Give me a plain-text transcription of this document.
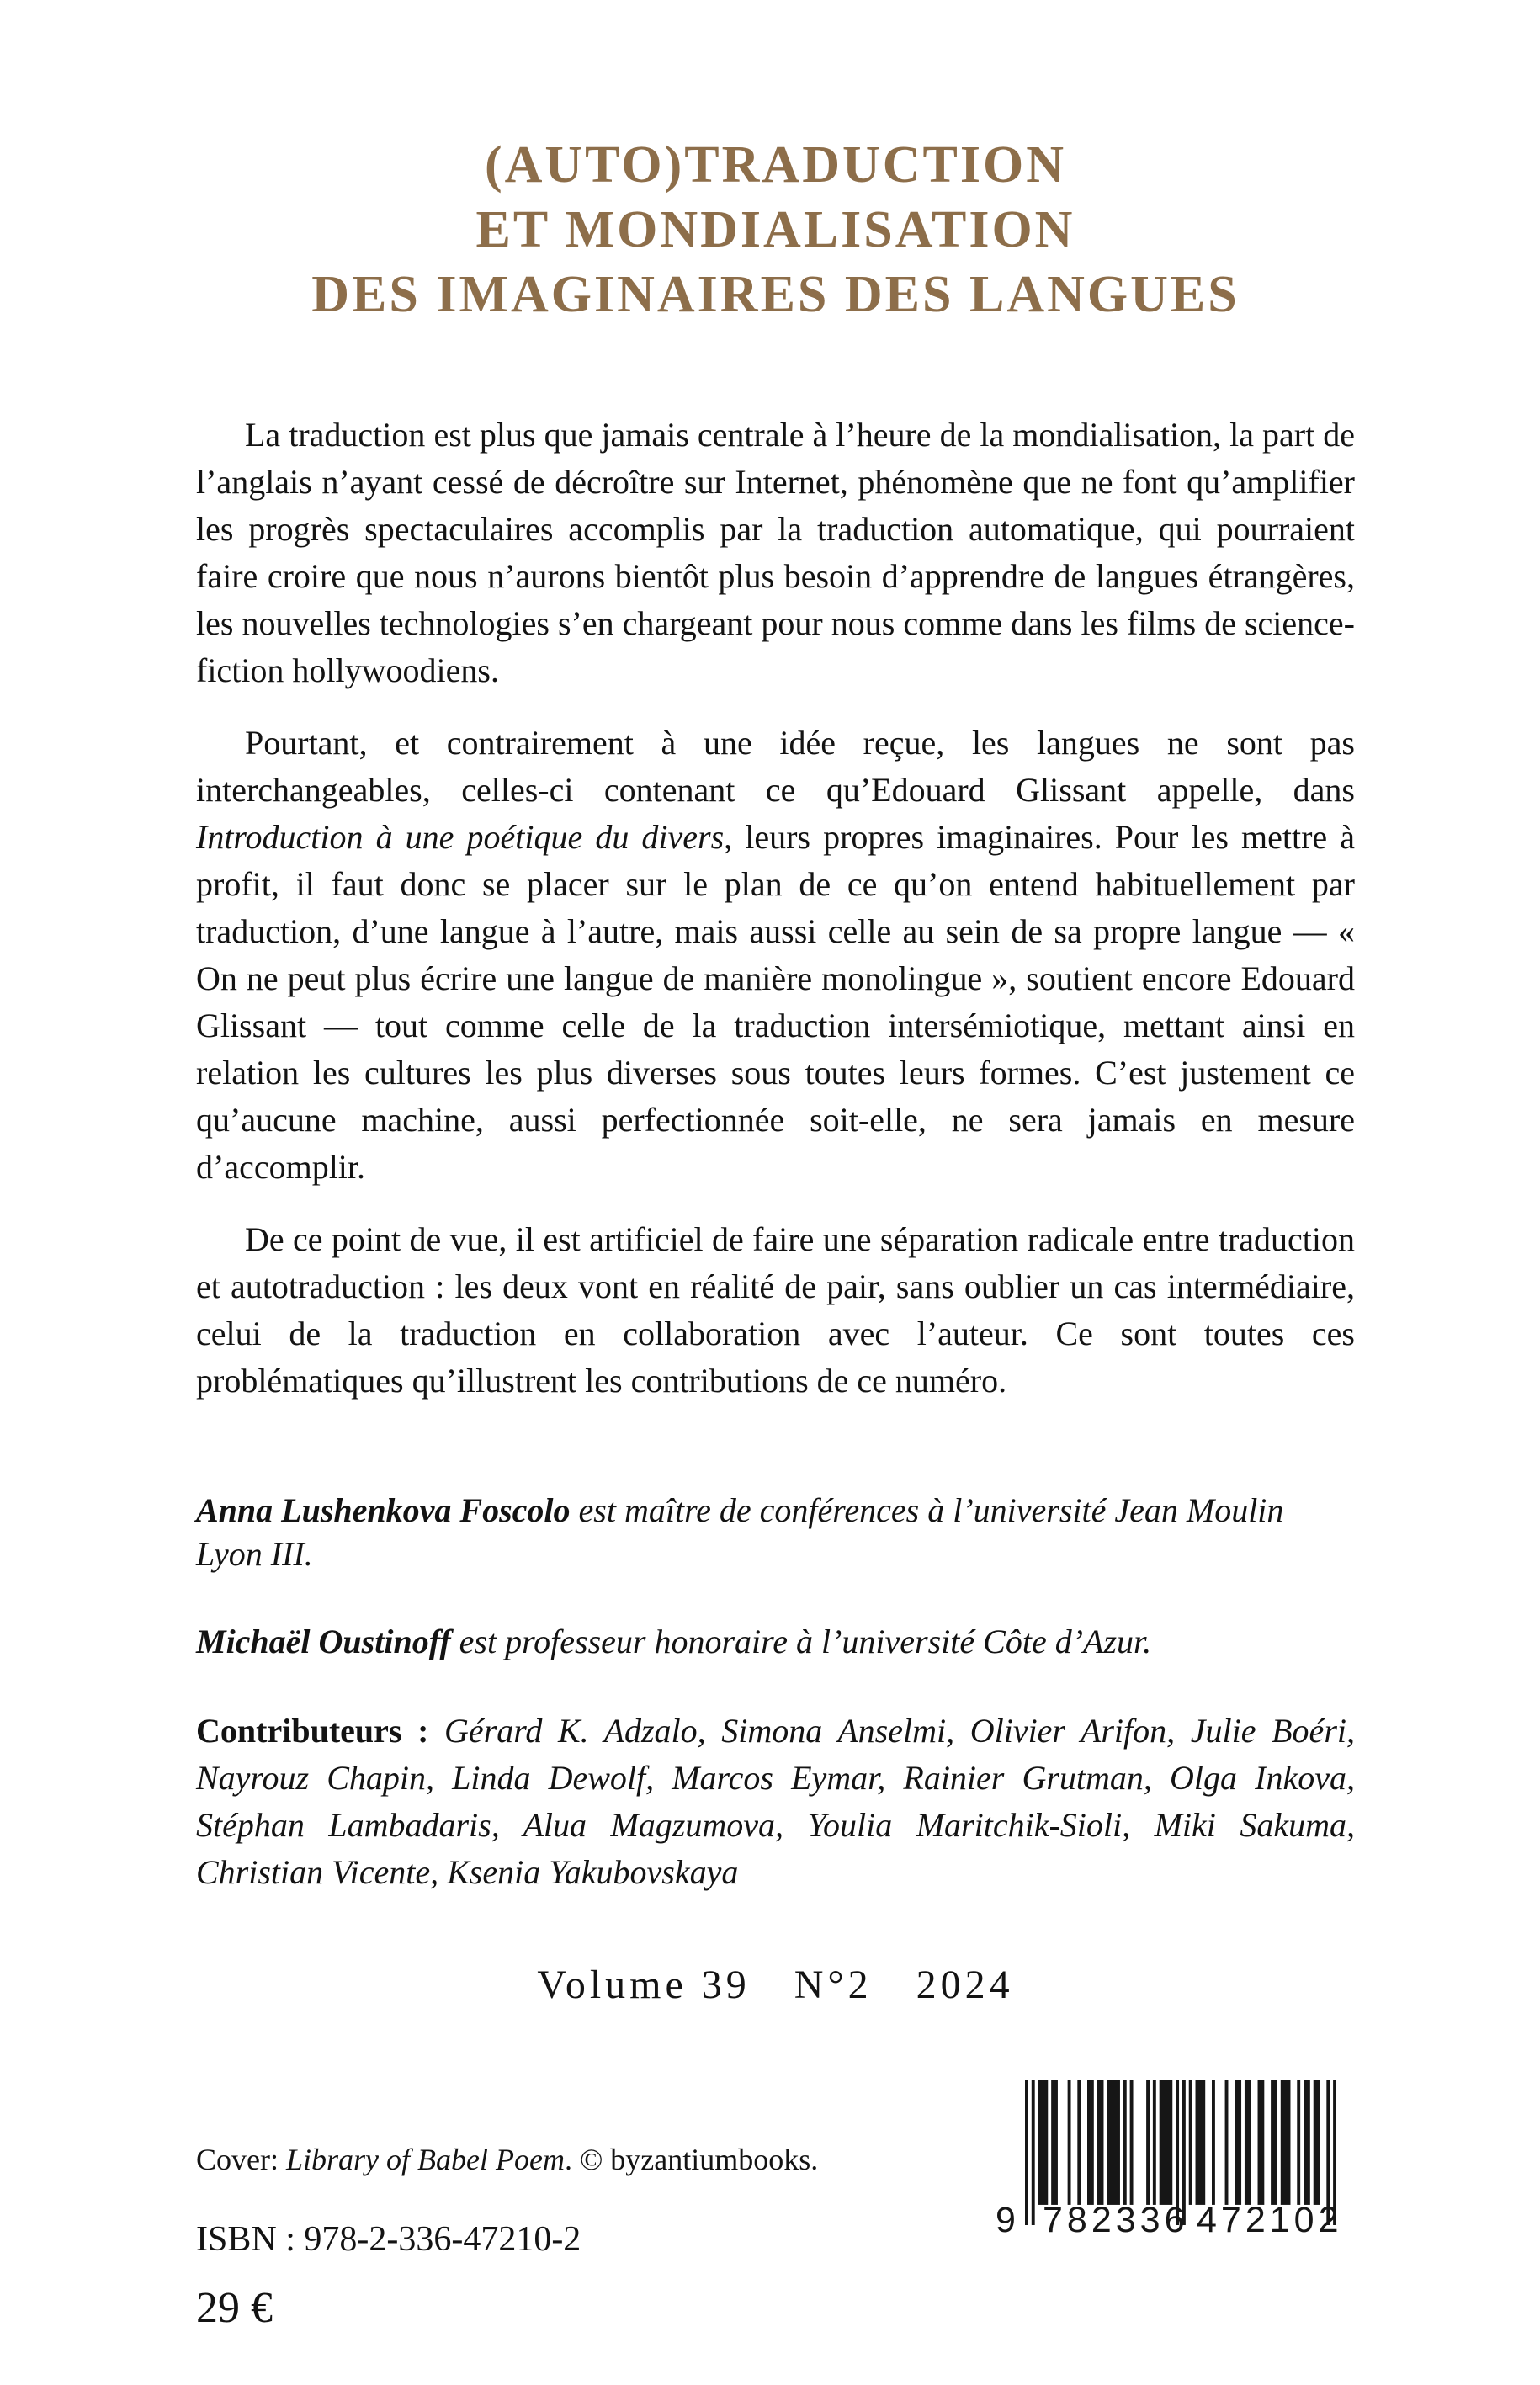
(AUTO)TRADUCTION
ET MONDIALISATION
DES IMAGINAIRES DES LANGUES

La traduction est plus que jamais centrale à l’heure de la mondialisation, la part de l’anglais n’ayant cessé de décroître sur Internet, phénomène que ne font qu’amplifier les progrès spectaculaires accomplis par la traduction automatique, qui pourraient faire croire que nous n’aurons bientôt plus besoin d’apprendre de langues étrangères, les nouvelles technologies s’en chargeant pour nous comme dans les films de science-fiction hollywoodiens.

Pourtant, et contrairement à une idée reçue, les langues ne sont pas interchangeables, celles-ci contenant ce qu’Edouard Glissant appelle, dans Introduction à une poétique du divers, leurs propres imaginaires. Pour les mettre à profit, il faut donc se placer sur le plan de ce qu’on entend habituellement par traduction, d’une langue à l’autre, mais aussi celle au sein de sa propre langue — « On ne peut plus écrire une langue de manière monolingue », soutient encore Edouard Glissant — tout comme celle de la traduction intersémiotique, mettant ainsi en relation les cultures les plus diverses sous toutes leurs formes. C’est justement ce qu’aucune machine, aussi perfectionnée soit-elle, ne sera jamais en mesure d’accomplir.

De ce point de vue, il est artificiel de faire une séparation radicale entre traduction et autotraduction : les deux vont en réalité de pair, sans oublier un cas intermédiaire, celui de la traduction en collaboration avec l’auteur. Ce sont toutes ces problématiques qu’illustrent les contributions de ce numéro.

Anna Lushenkova Foscolo est maître de conférences à l’université Jean Moulin Lyon III.

Michaël Oustinoff est professeur honoraire à l’université Côte d’Azur.

Contributeurs : Gérard K. Adzalo, Simona Anselmi, Olivier Arifon, Julie Boéri, Nayrouz Chapin, Linda Dewolf, Marcos Eymar, Rainier Grutman, Olga Inkova, Stéphan Lambadaris, Alua Magzumova, Youlia Maritchik-Sioli, Miki Sakuma, Christian Vicente, Ksenia Yakubovskaya

Volume 39 N°2 2024

Cover: Library of Babel Poem. © byzantiumbooks.

ISBN : 978-2-336-47210-2

29 €

9 782336 472102
